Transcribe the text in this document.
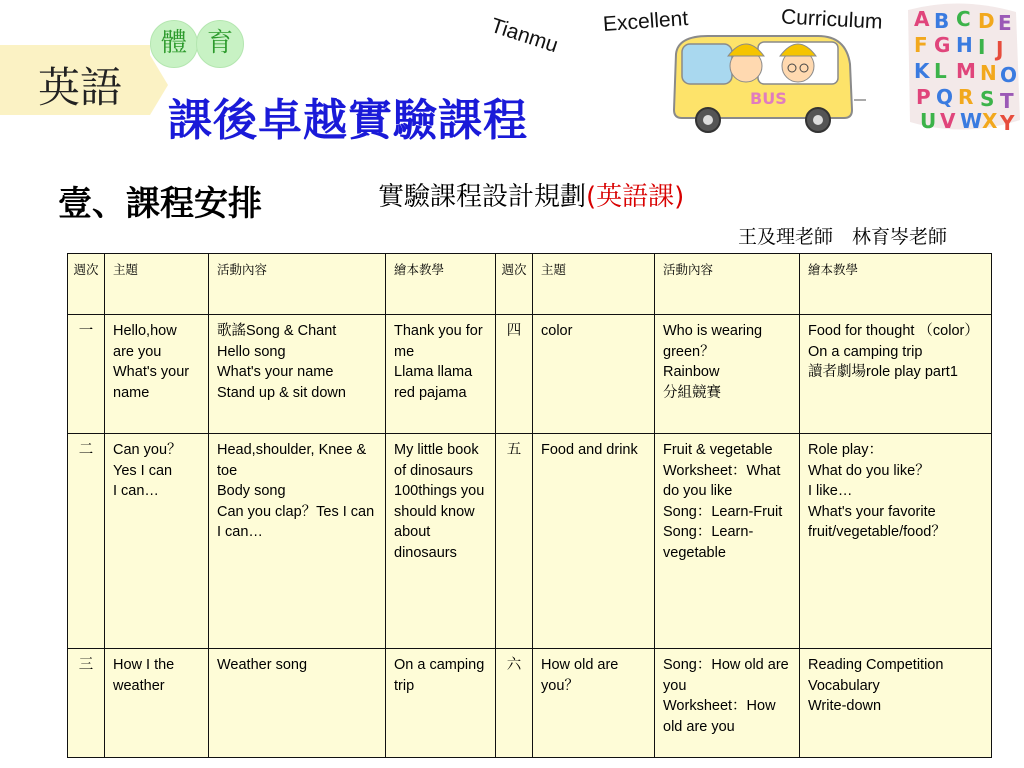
英語
體 育
課後卓越實驗課程
Tianmu Excellent	Curriculum
BUS
A B C D E
F G H I J
K L M N O
P Q R S T
U V W X Y
壹、課程安排	實驗課程設計規劃(英語課)
王及理老師　林育岑老師
週次	主題	活動內容	繪本教學	週次	主題	活動內容	繪本教學
一	Hello,how are you
What's your name	歌謠Song & Chant
Hello song
What's your name
Stand up & sit down	Thank you for me
Llama llama red pajama	四	color	Who is wearing green？
Rainbow
分組競賽	Food for thought （color）
On a camping trip
讀者劇場role play part1

二	Can you？
Yes I can
I can…	Head,shoulder, Knee & toe
Body song
Can you clap？Tes I can
I can…	My little book of dinosaurs
100things you should know about dinosaurs	五	Food and drink	Fruit & vegetable
Worksheet：What do you like
Song：Learn-Fruit
Song：Learn-vegetable	Role play：
What do you like？
I like…
What's your favorite fruit/vegetable/food？

三	How I the weather	Weather song	On a camping trip	六	How old are you？	Song：How old are you
Worksheet：How old are you	Reading Competition
Vocabulary
Write-down
